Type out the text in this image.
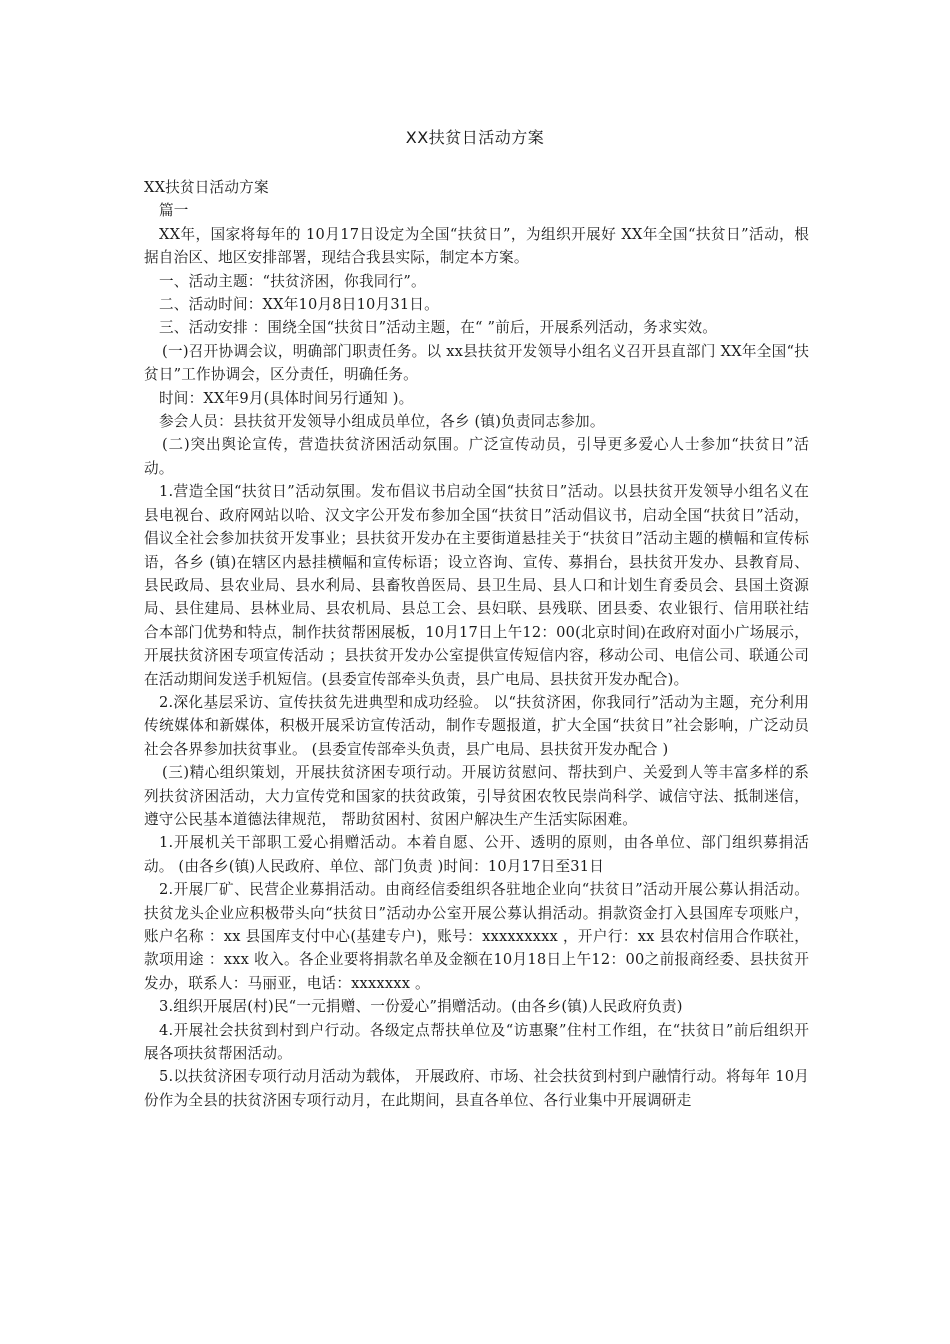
XX扶贫日活动方案

XX扶贫日活动方案

篇一

XX年，国家将每年的 10月17日设定为全国“扶贫日”，为组织开展好 XX年全国“扶贫日”活动，根据自治区、地区安排部署，现结合我县实际，制定本方案。

一、活动主题：“扶贫济困，你我同行”。

二、活动时间：XX年10月8日10月31日。

三、活动安排 ：围绕全国“扶贫日”活动主题，在“ ”前后，开展系列活动，务求实效。

(一)召开协调会议，明确部门职责任务。以 xx县扶贫开发领导小组名义召开县直部门 XX年全国“扶贫日”工作协调会，区分责任，明确任务。

时间：XX年9月(具体时间另行通知 )。

参会人员：县扶贫开发领导小组成员单位，各乡 (镇)负责同志参加。

(二)突出舆论宣传，营造扶贫济困活动氛围。广泛宣传动员，引导更多爱心人士参加“扶贫日”活动。

1.营造全国“扶贫日”活动氛围。发布倡议书启动全国“扶贫日”活动。以县扶贫开发领导小组名义在县电视台、政府网站以哈、汉文字公开发布参加全国“扶贫日”活动倡议书，启动全国“扶贫日”活动，倡议全社会参加扶贫开发事业；县扶贫开发办在主要街道悬挂关于“扶贫日”活动主题的横幅和宣传标语，各乡 (镇)在辖区内悬挂横幅和宣传标语；设立咨询、宣传、募捐台，县扶贫开发办、县教育局、县民政局、县农业局、县水利局、县畜牧兽医局、县卫生局、县人口和计划生育委员会、县国土资源局、县住建局、县林业局、县农机局、县总工会、县妇联、县残联、团县委、农业银行、信用联社结合本部门优势和特点，制作扶贫帮困展板，10月17日上午12：00(北京时间)在政府对面小广场展示，开展扶贫济困专项宣传活动 ；县扶贫开发办公室提供宣传短信内容，移动公司、电信公司、联通公司在活动期间发送手机短信。(县委宣传部牵头负责，县广电局、县扶贫开发办配合)。

2.深化基层采访、宣传扶贫先进典型和成功经验。 以“扶贫济困，你我同行”活动为主题，充分利用传统媒体和新媒体，积极开展采访宣传活动，制作专题报道，扩大全国“扶贫日”社会影响，广泛动员社会各界参加扶贫事业。 (县委宣传部牵头负责，县广电局、县扶贫开发办配合 )

(三)精心组织策划，开展扶贫济困专项行动。开展访贫慰问、帮扶到户、关爱到人等丰富多样的系列扶贫济困活动，大力宣传党和国家的扶贫政策，引导贫困农牧民崇尚科学、诚信守法、抵制迷信，遵守公民基本道德法律规范， 帮助贫困村、贫困户解决生产生活实际困难。

1.开展机关干部职工爱心捐赠活动。本着自愿、公开、透明的原则，由各单位、部门组织募捐活动。 (由各乡(镇)人民政府、单位、部门负责 )时间：10月17日至31日

2.开展厂矿、民营企业募捐活动。由商经信委组织各驻地企业向“扶贫日”活动开展公募认捐活动。扶贫龙头企业应积极带头向“扶贫日”活动办公室开展公募认捐活动。捐款资金打入县国库专项账户，账户名称 ：xx 县国库支付中心(基建专户)，账号：xxxxxxxxx ，开户行：xx 县农村信用合作联社，款项用途 ：xxx 收入。各企业要将捐款名单及金额在10月18日上午12：00之前报商经委、县扶贫开发办，联系人：马丽亚，电话：xxxxxxx 。

3.组织开展居(村)民“一元捐赠、一份爱心”捐赠活动。(由各乡(镇)人民政府负责)

4.开展社会扶贫到村到户行动。各级定点帮扶单位及“访惠聚”住村工作组，在“扶贫日”前后组织开展各项扶贫帮困活动。

5.以扶贫济困专项行动月活动为载体， 开展政府、市场、社会扶贫到村到户融情行动。将每年 10月份作为全县的扶贫济困专项行动月，在此期间，县直各单位、各行业集中开展调研走
